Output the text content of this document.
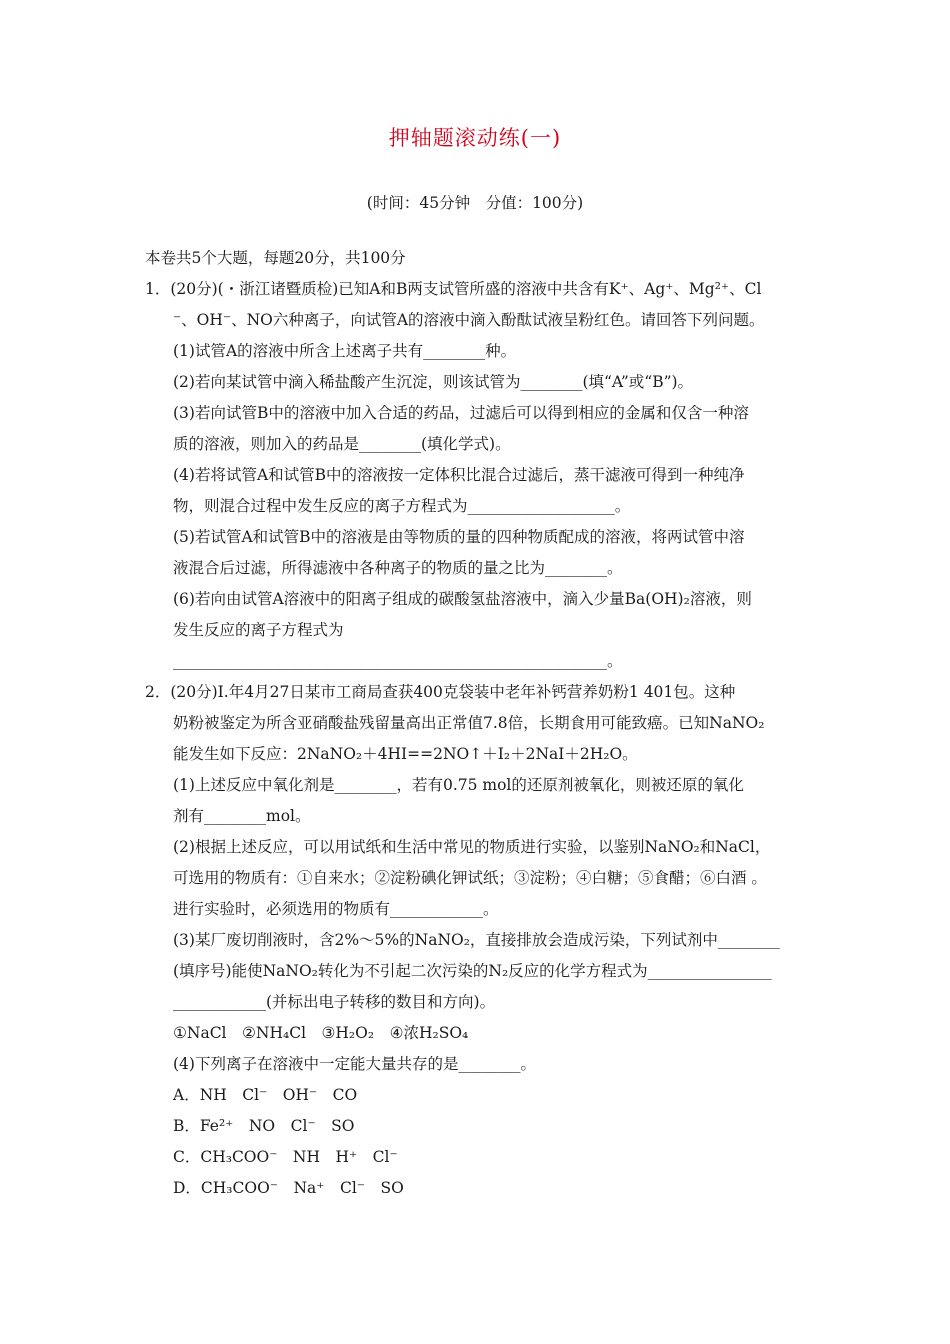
押轴题滚动练(一)
(时间：45分钟　分值：100分)
本卷共5个大题，每题20分，共100分
1．(20分)(・浙江诸暨质检)已知A和B两支试管所盛的溶液中共含有K⁺、Ag⁺、Mg²⁺、Cl
⁻、OH⁻、NO六种离子，向试管A的溶液中滴入酚酞试液呈粉红色。请回答下列问题。
(1)试管A的溶液中所含上述离子共有________种。
(2)若向某试管中滴入稀盐酸产生沉淀，则该试管为________(填“A”或“B”)。
(3)若向试管B中的溶液中加入合适的药品，过滤后可以得到相应的金属和仅含一种溶
质的溶液，则加入的药品是________(填化学式)。
(4)若将试管A和试管B中的溶液按一定体积比混合过滤后，蒸干滤液可得到一种纯净
物，则混合过程中发生反应的离子方程式为___________________。
(5)若试管A和试管B中的溶液是由等物质的量的四种物质配成的溶液，将两试管中溶
液混合后过滤，所得滤液中各种离子的物质的量之比为________。
(6)若向由试管A溶液中的阳离子组成的碳酸氢盐溶液中，滴入少量Ba(OH)₂溶液，则
发生反应的离子方程式为
________________________________________________________。
2．(20分)Ⅰ.年4月27日某市工商局查获400克袋装中老年补钙营养奶粉1 401包。这种
奶粉被鉴定为所含亚硝酸盐残留量高出正常值7.8倍，长期食用可能致癌。已知NaNO₂
能发生如下反应：2NaNO₂＋4HI==2NO↑＋I₂＋2NaI＋2H₂O。
(1)上述反应中氧化剂是________，若有0.75 mol的还原剂被氧化，则被还原的氧化
剂有________mol。
(2)根据上述反应，可以用试纸和生活中常见的物质进行实验，以鉴别NaNO₂和NaCl，
可选用的物质有：①自来水；②淀粉碘化钾试纸；③淀粉；④白糖；⑤食醋；⑥白酒 。
进行实验时，必须选用的物质有____________。
(3)某厂废切削液时，含2%～5%的NaNO₂，直接排放会造成污染，下列试剂中________
(填序号)能使NaNO₂转化为不引起二次污染的N₂反应的化学方程式为________________
____________(并标出电子转移的数目和方向)。
①NaCl　②NH₄Cl　③H₂O₂　④浓H₂SO₄
(4)下列离子在溶液中一定能大量共存的是________。
A．NH　Cl⁻　OH⁻　CO
B．Fe²⁺　NO　Cl⁻　SO
C．CH₃COO⁻　NH　H⁺　Cl⁻
D．CH₃COO⁻　Na⁺　Cl⁻　SO
